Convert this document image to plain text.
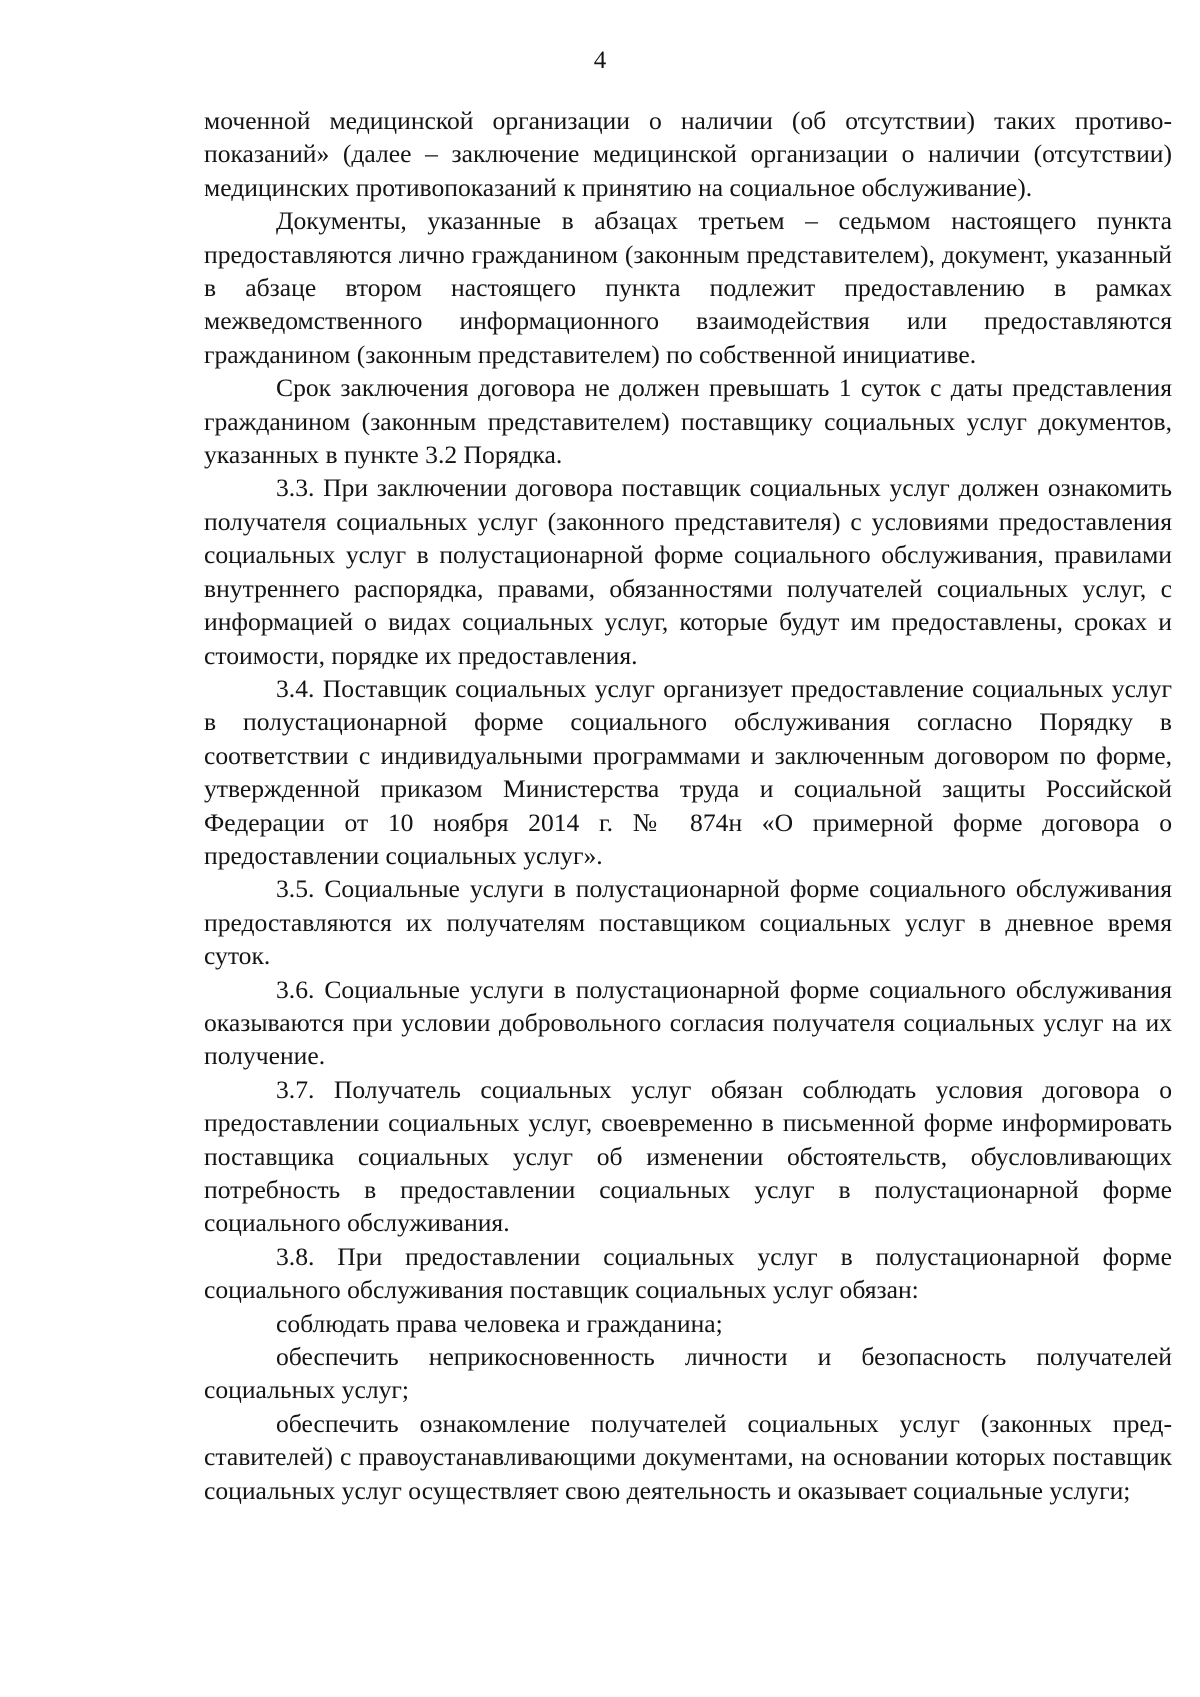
4

моченной медицинской организации о наличии (об отсутствии) таких противопоказаний» (далее – заключение медицинской организации о наличии (отсутствии) медицинских противопоказаний к принятию на социальное обслуживание).

Документы, указанные в абзацах третьем – седьмом настоящего пункта предоставляются лично гражданином (законным представителем), документ, указанный в абзаце втором настоящего пункта подлежит предоставлению в рамках межведомственного информационного взаимодействия или предоставляются гражданином (законным представителем) по собственной инициативе.

Срок заключения договора не должен превышать 1 суток с даты представления гражданином (законным представителем) поставщику социальных услуг документов, указанных в пункте 3.2 Порядка.

3.3. При заключении договора поставщик социальных услуг должен ознакомить получателя социальных услуг (законного представителя) с условиями предоставления социальных услуг в полустационарной форме социального обслуживания, правилами внутреннего распорядка, правами, обязанностями получателей социальных услуг, с информацией о видах социальных услуг, которые будут им предоставлены, сроках и стоимости, порядке их предоставления.

3.4. Поставщик социальных услуг организует предоставление социальных услуг в полустационарной форме социального обслуживания согласно Порядку в соответствии с индивидуальными программами и заключенным договором по форме, утвержденной приказом Министерства труда и социальной защиты Российской Федерации от 10 ноября 2014 г. № 874н «О примерной форме договора о предоставлении социальных услуг».

3.5. Социальные услуги в полустационарной форме социального обслуживания предоставляются их получателям поставщиком социальных услуг в дневное время суток.

3.6. Социальные услуги в полустационарной форме социального обслуживания оказываются при условии добровольного согласия получателя социальных услуг на их получение.

3.7. Получатель социальных услуг обязан соблюдать условия договора о предоставлении социальных услуг, своевременно в письменной форме информировать поставщика социальных услуг об изменении обстоятельств, обусловливающих потребность в предоставлении социальных услуг в полустационарной форме социального обслуживания.

3.8. При предоставлении социальных услуг в полустационарной форме социального обслуживания поставщик социальных услуг обязан:

соблюдать права человека и гражданина;

обеспечить неприкосновенность личности и безопасность получателей социальных услуг;

обеспечить ознакомление получателей социальных услуг (законных представителей) с правоустанавливающими документами, на основании которых поставщик социальных услуг осуществляет свою деятельность и оказывает социальные услуги;
